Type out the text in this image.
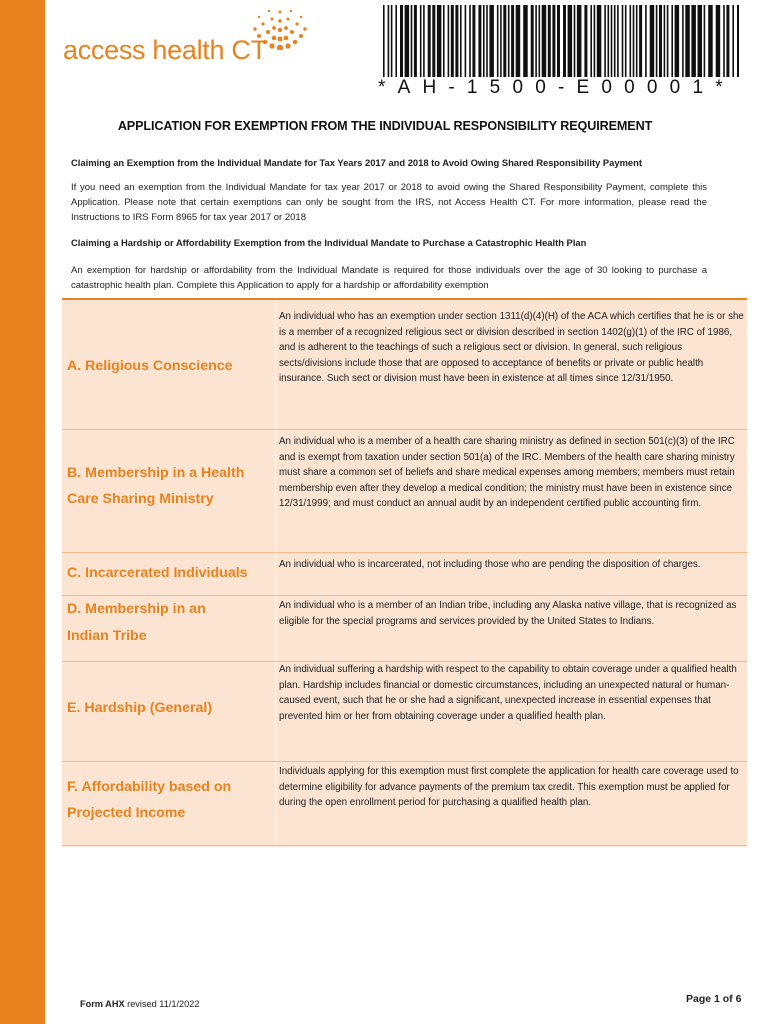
access health CT
*AH-1500-E00001*
APPLICATION FOR EXEMPTION FROM THE INDIVIDUAL RESPONSIBILITY REQUIREMENT
Claiming an Exemption from the Individual Mandate for Tax Years 2017 and 2018 to Avoid Owing Shared Responsibility Payment
If you need an exemption from the Individual Mandate for tax year 2017 or 2018 to avoid owing the Shared Responsibility Payment, complete this Application. Please note that certain exemptions can only be sought from the IRS, not Access Health CT. For more information, please read the Instructions to IRS Form 8965 for tax year 2017 or 2018
Claiming a Hardship or Affordability Exemption from the Individual Mandate to Purchase a Catastrophic Health Plan
An exemption for hardship or affordability from the Individual Mandate is required for those individuals over the age of 30 looking to purchase a catastrophic health plan. Complete this Application to apply for a hardship or affordability exemption
A. Religious Conscience
An individual who has an exemption under section 1311(d)(4)(H) of the ACA which certifies that he is or she is a member of a recognized religious sect or division described in section 1402(g)(1) of the IRC of 1986, and is adherent to the teachings of such a religious sect or division. In general, such religious sects/divisions include those that are opposed to acceptance of benefits or private or public health insurance. Such sect or division must have been in existence at all times since 12/31/1950.
B. Membership in a Health Care Sharing Ministry
An individual who is a member of a health care sharing ministry as defined in section 501(c)(3) of the IRC and is exempt from taxation under section 501(a) of the IRC. Members of the health care sharing ministry must share a common set of beliefs and share medical expenses among members; members must retain membership even after they develop a medical condition; the ministry must have been in existence since 12/31/1999; and must conduct an annual audit by an independent certified public accounting firm.
C. Incarcerated Individuals
An individual who is incarcerated, not including those who are pending the disposition of charges.
D. Membership in an Indian Tribe
An individual who is a member of an Indian tribe, including any Alaska native village, that is recognized as eligible for the special programs and services provided by the United States to Indians.
E. Hardship (General)
An individual suffering a hardship with respect to the capability to obtain coverage under a qualified health plan. Hardship includes financial or domestic circumstances, including an unexpected natural or human-caused event, such that he or she had a significant, unexpected increase in essential expenses that prevented him or her from obtaining coverage under a qualified health plan.
F. Affordability based on Projected Income
Individuals applying for this exemption must first complete the application for health care coverage used to determine eligibility for advance payments of the premium tax credit. This exemption must be applied for during the open enrollment period for purchasing a qualified health plan.
Form AHX revised 11/1/2022	Page 1 of 6
